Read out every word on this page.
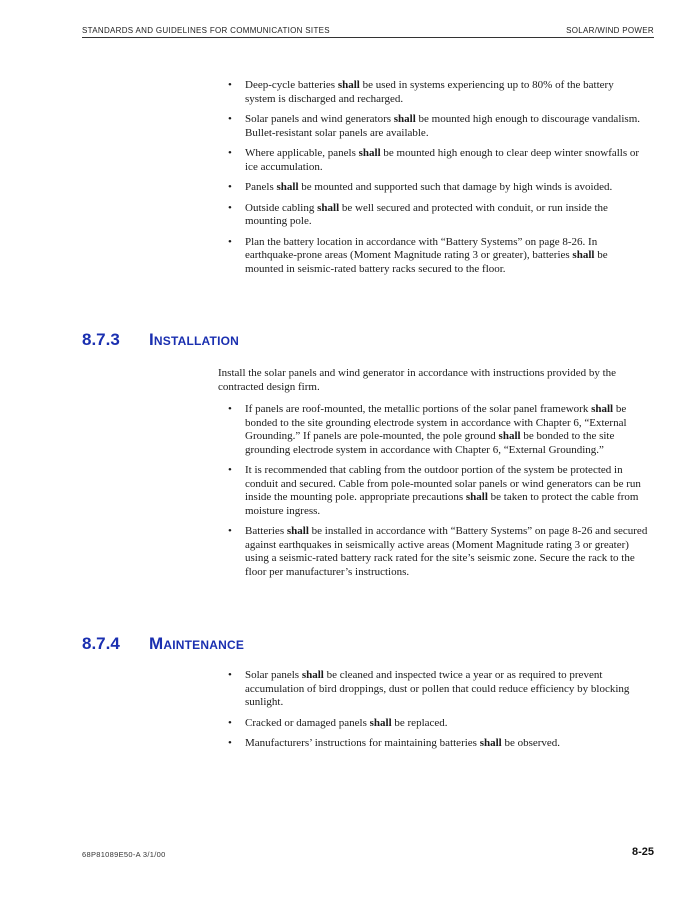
STANDARDS AND GUIDELINES FOR COMMUNICATION SITES	SOLAR/WIND POWER
• Deep-cycle batteries shall be used in systems experiencing up to 80% of the battery system is discharged and recharged.
• Solar panels and wind generators shall be mounted high enough to discourage vandalism. Bullet-resistant solar panels are available.
• Where applicable, panels shall be mounted high enough to clear deep winter snowfalls or ice accumulation.
• Panels shall be mounted and supported such that damage by high winds is avoided.
• Outside cabling shall be well secured and protected with conduit, or run inside the mounting pole.
• Plan the battery location in accordance with “Battery Systems” on page 8-26. In earthquake-prone areas (Moment Magnitude rating 3 or greater), batteries shall be mounted in seismic-rated battery racks secured to the floor.
8.7.3 Installation

Install the solar panels and wind generator in accordance with instructions provided by the contracted design firm.

• If panels are roof-mounted, the metallic portions of the solar panel framework shall be bonded to the site grounding electrode system in accordance with Chapter 6, “External Grounding.” If panels are pole-mounted, the pole ground shall be bonded to the site grounding electrode system in accordance with Chapter 6, “External Grounding.”
• It is recommended that cabling from the outdoor portion of the system be protected in conduit and secured. Cable from pole-mounted solar panels or wind generators can be run inside the mounting pole. appropriate precautions shall be taken to protect the cable from moisture ingress.
• Batteries shall be installed in accordance with “Battery Systems” on page 8-26 and secured against earthquakes in seismically active areas (Moment Magnitude rating 3 or greater) using a seismic-rated battery rack rated for the site’s seismic zone. Secure the rack to the floor per manufacturer’s instructions.
8.7.4 Maintenance
• Solar panels shall be cleaned and inspected twice a year or as required to prevent accumulation of bird droppings, dust or pollen that could reduce efficiency by blocking sunlight.
• Cracked or damaged panels shall be replaced.
• Manufacturers’ instructions for maintaining batteries shall be observed.
68P81089E50-A 3/1/00	8-25
